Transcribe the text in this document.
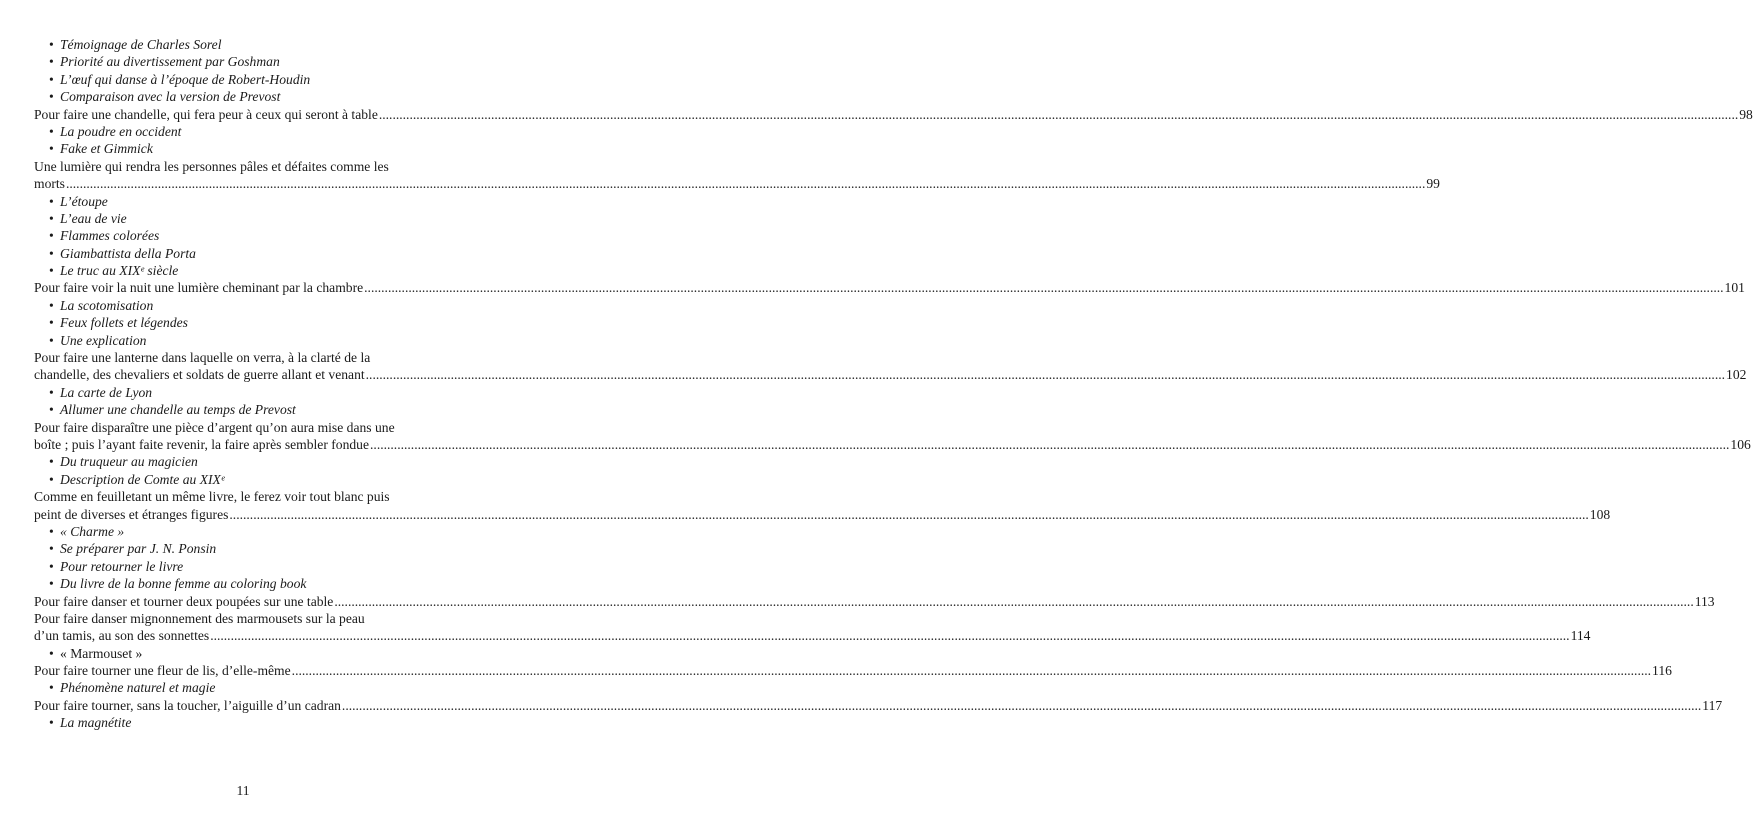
• Témoignage de Charles Sorel
• Priorité au divertissement par Goshman
• L’œuf qui danse à l’époque de Robert-Houdin
• Comparaison avec la version de Prevost
Pour faire une chandelle, qui fera peur à ceux qui seront à table ................................................................................................................................................................................................................................................................................................................................................................................................................ 98
• La poudre en occident
• Fake et Gimmick
Une lumière qui rendra les personnes pâles et défaites comme les
morts ................................................................................................................................................................................................................................................................................................................................................................................................................ 99
• L’étoupe
• L’eau de vie
• Flammes colorées
• Giambattista della Porta
• Le truc au XIXᵉ siècle
Pour faire voir la nuit une lumière cheminant par la chambre ................................................................................................................................................................................................................................................................................................................................................................................................................ 101
• La scotomisation
• Feux follets et légendes
• Une explication
Pour faire une lanterne dans laquelle on verra, à la clarté de la
chandelle, des chevaliers et soldats de guerre allant et venant ................................................................................................................................................................................................................................................................................................................................................................................................................ 102
• La carte de Lyon
• Allumer une chandelle au temps de Prevost
Pour faire disparaître une pièce d’argent qu’on aura mise dans une
boîte ; puis l’ayant faite revenir, la faire après sembler fondue ................................................................................................................................................................................................................................................................................................................................................................................................................ 106
• Du truqueur au magicien
• Description de Comte au XIXᵉ
Comme en feuilletant un même livre, le ferez voir tout blanc puis
peint de diverses et étranges figures ................................................................................................................................................................................................................................................................................................................................................................................................................ 108
• « Charme »
• Se préparer par J. N. Ponsin
• Pour retourner le livre
• Du livre de la bonne femme au coloring book
Pour faire danser et tourner deux poupées sur une table ................................................................................................................................................................................................................................................................................................................................................................................................................ 113
Pour faire danser mignonnement des marmousets sur la peau
d’un tamis, au son des sonnettes ................................................................................................................................................................................................................................................................................................................................................................................................................ 114
• « Marmouset »
Pour faire tourner une fleur de lis, d’elle-même ................................................................................................................................................................................................................................................................................................................................................................................................................ 116
• Phénomène naturel et magie
Pour faire tourner, sans la toucher, l’aiguille d’un cadran ................................................................................................................................................................................................................................................................................................................................................................................................................ 117
• La magnétite
11
